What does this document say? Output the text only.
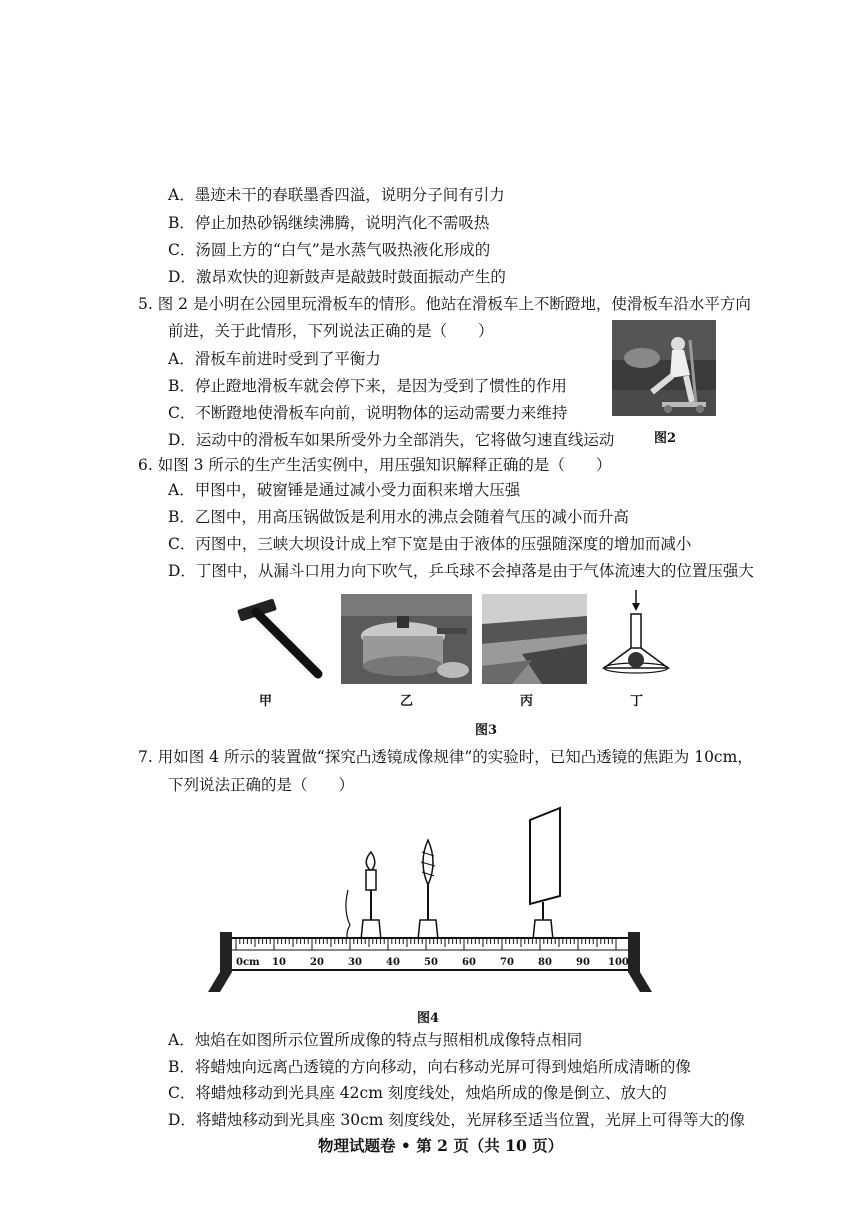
A．墨迹未干的春联墨香四溢，说明分子间有引力
B．停止加热砂锅继续沸腾，说明汽化不需吸热
C．汤圆上方的“白气”是水蒸气吸热液化形成的
D．激昂欢快的迎新鼓声是敲鼓时鼓面振动产生的
5. 图 2 是小明在公园里玩滑板车的情形。他站在滑板车上不断蹬地，使滑板车沿水平方向
前进，关于此情形，下列说法正确的是（　　）
A．滑板车前进时受到了平衡力
B．停止蹬地滑板车就会停下来，是因为受到了惯性的作用
C．不断蹬地使滑板车向前，说明物体的运动需要力来维持
D．运动中的滑板车如果所受外力全部消失，它将做匀速直线运动	图2
6. 如图 3 所示的生产生活实例中，用压强知识解释正确的是（　　）
A．甲图中，破窗锤是通过减小受力面积来增大压强
B．乙图中，用高压锅做饭是利用水的沸点会随着气压的减小而升高
C．丙图中，三峡大坝设计成上窄下宽是由于液体的压强随深度的增加而减小
D．丁图中，从漏斗口用力向下吹气，乒乓球不会掉落是由于气体流速大的位置压强大
甲	乙	丙	丁
图3
7. 用如图 4 所示的装置做“探究凸透镜成像规律”的实验时，已知凸透镜的焦距为 10cm，
下列说法正确的是（　　）
0cm 10 20 30 40 50 60 70 80 90 100
图4
A．烛焰在如图所示位置所成像的特点与照相机成像特点相同
B．将蜡烛向远离凸透镜的方向移动，向右移动光屏可得到烛焰所成清晰的像
C．将蜡烛移动到光具座 42cm 刻度线处，烛焰所成的像是倒立、放大的
D．将蜡烛移动到光具座 30cm 刻度线处，光屏移至适当位置，光屏上可得等大的像
物理试题卷 • 第 2 页（共 10 页）
